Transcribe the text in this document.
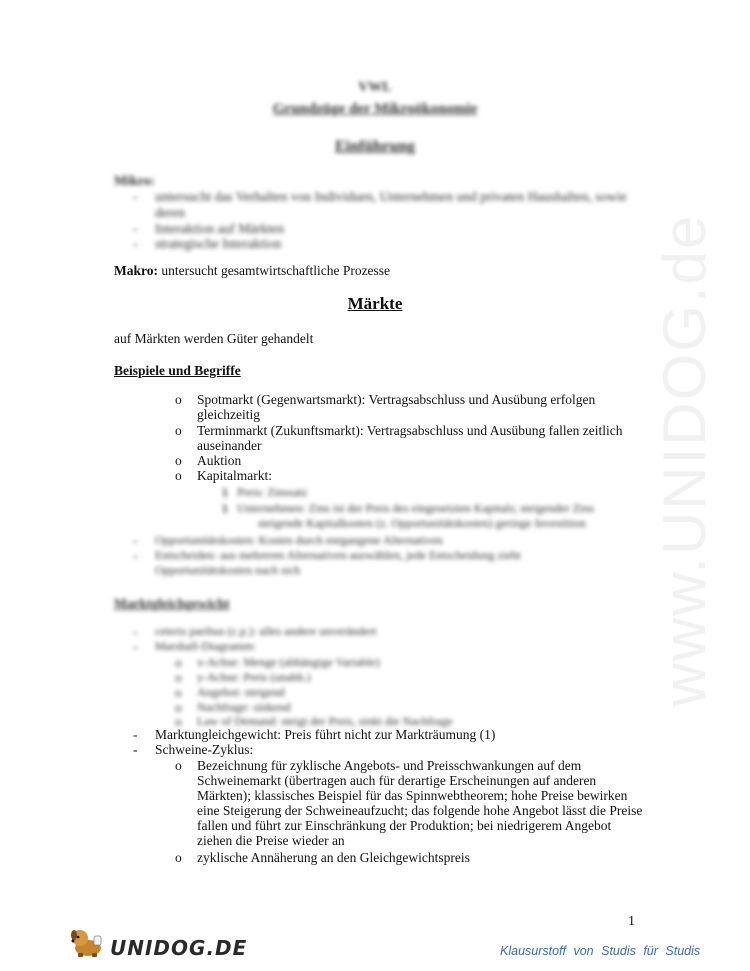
www.UNIDOG.de
VWL
Grundzüge der Mikroökonomie
Einführung
Mikro:
- untersucht das Verhalten von Individuen, Unternehmen und privaten Haushalten, sowie
deren
- Interaktion auf Märkten
- strategische Interaktion
Makro: untersucht gesamtwirtschaftliche Prozesse
Märkte
auf Märkten werden Güter gehandelt
Beispiele und Begriffe
o Spotmarkt (Gegenwartsmarkt): Vertragsabschluss und Ausübung erfolgen
gleichzeitig
o Terminmarkt (Zukunftsmarkt): Vertragsabschluss und Ausübung fallen zeitlich
auseinander
o Auktion
o Kapitalmarkt:
§   Preis: Zinssatz
§   Unternehmen: Zins ist der Preis des eingesetzten Kapitals; steigender Zins
steigende Kapitalkosten (z. Opportunitätskosten) geringe Investition
- Opportunitätskosten: Kosten durch entgangene Alternativen
- Entscheiden: aus mehreren Alternativen auswählen, jede Entscheidung zieht
Opportunitätskosten nach sich
Marktgleichgewicht
- ceteris paribus (c.p.): alles andere unverändert
- Marshall-Diagramm:
o x-Achse: Menge (abhängige Variable)
o y-Achse: Preis (unabh.)
o Angebot: steigend
o Nachfrage: sinkend
o Law of Demand: steigt der Preis, sinkt die Nachfrage
- Marktungleichgewicht: Preis führt nicht zur Markträumung (1)
- Schweine-Zyklus:
o Bezeichnung für zyklische Angebots- und Preisschwankungen auf dem
Schweinemarkt (übertragen auch für derartige Erscheinungen auf anderen
Märkten); klassisches Beispiel für das Spinnwebtheorem; hohe Preise bewirken
eine Steigerung der Schweineaufzucht; das folgende hohe Angebot lässt die Preise
fallen und führt zur Einschränkung der Produktion; bei niedrigerem Angebot
ziehen die Preise wieder an
o zyklische Annäherung an den Gleichgewichtspreis
1
UNIDOG.DE	Klausurstoff von Studis für Studis
